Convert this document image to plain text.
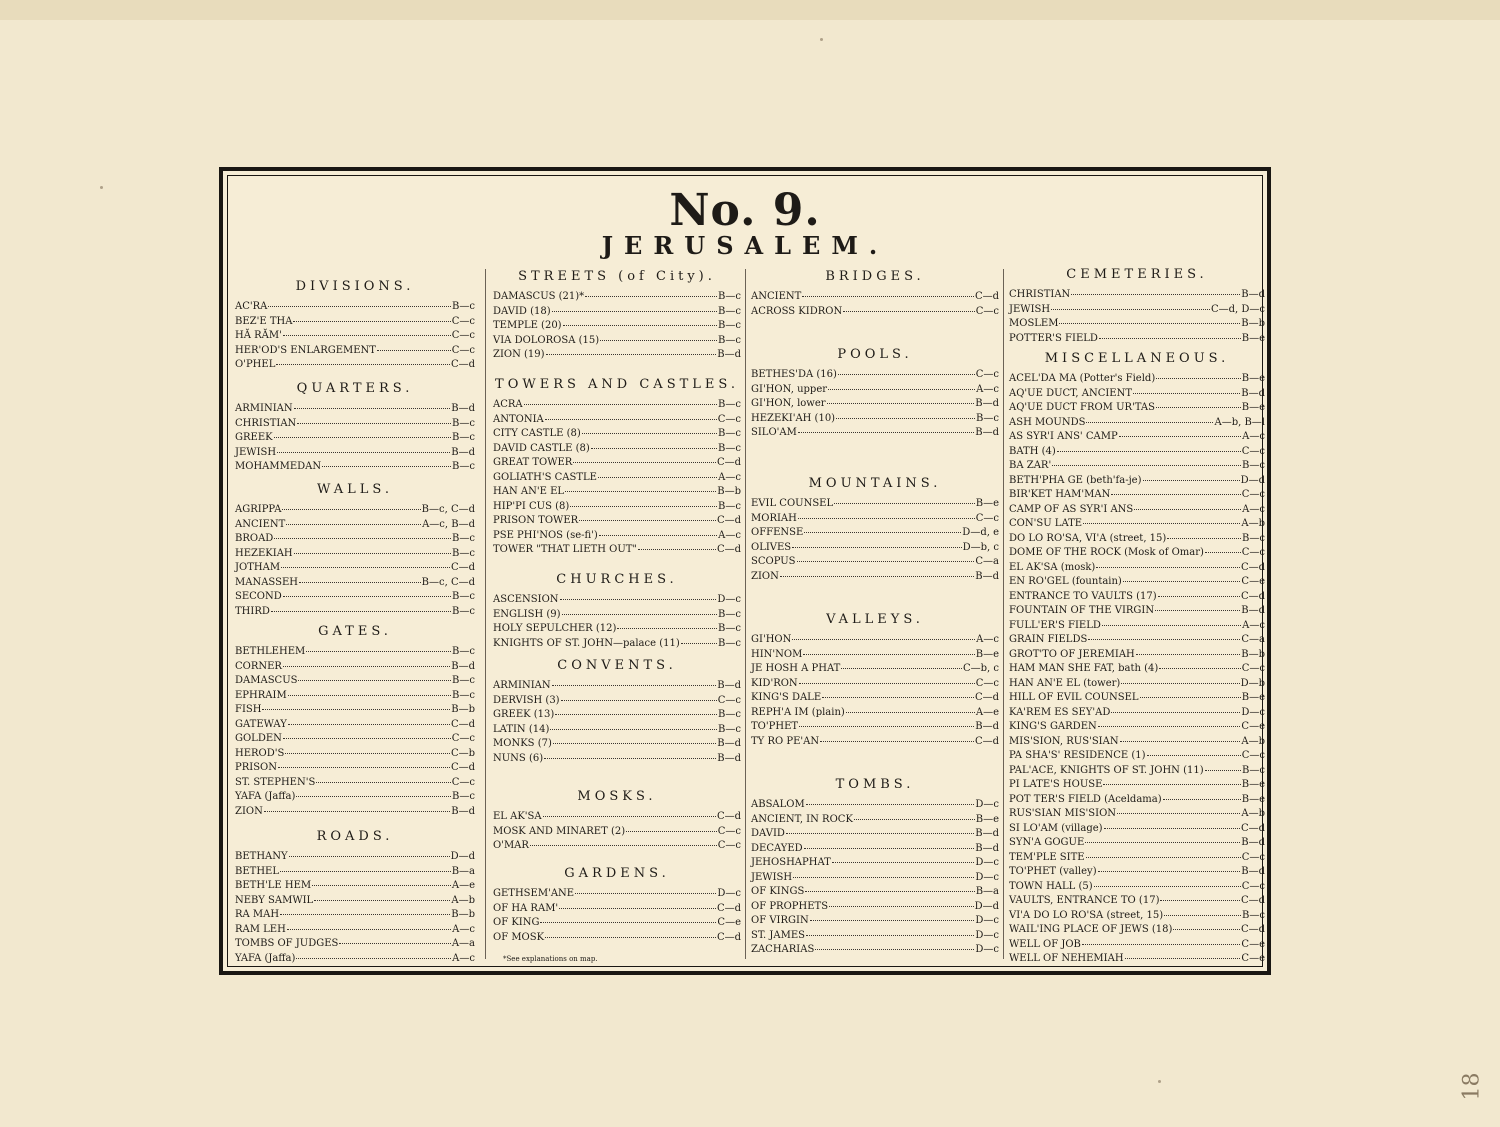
18
No. 9.
JERUSALEM.
DIVISIONS.
AC'RA	B—c
BEZ'E THA	C—c
HĂ RĂM'	C—c
HER'OD'S ENLARGEMENT	C—c
O'PHEL	C—d
QUARTERS.
ARMINIAN	B—d
CHRISTIAN	B—c
GREEK	B—c
JEWISH	B—d
MOHAMMEDAN	B—c
WALLS.
AGRIPPA	B—c, C—d
ANCIENT	A—c, B—d
BROAD	B—c
HEZEKIAH	B—c
JOTHAM	C—d
MANASSEH	B—c, C—d
SECOND	B—c
THIRD	B—c
GATES.
BETHLEHEM	B—c
CORNER	B—d
DAMASCUS	B—c
EPHRAIM	B—c
FISH	B—b
GATEWAY	C—d
GOLDEN	C—c
HEROD'S	C—b
PRISON	C—d
ST. STEPHEN'S	C—c
YAFA (Jaffa)	B—c
ZION	B—d
ROADS.
BETHANY	D—d
BETHEL	B—a
BETH'LE HEM	A—e
NEBY SAMWIL	A—b
RA MAH	B—b
RAM LEH	A—c
TOMBS OF JUDGES	A—a
YAFA (Jaffa)	A—c
STREETS (of City).
DAMASCUS (21)*	B—c
DAVID (18)	B—c
TEMPLE (20)	B—c
VIA DOLOROSA (15)	B—c
ZION (19)	B—d
TOWERS AND CASTLES.
ACRA	B—c
ANTONIA	C—c
CITY CASTLE (8)	B—c
DAVID CASTLE (8)	B—c
GREAT TOWER	C—d
GOLIATH'S CASTLE	A—c
HAN AN'E EL	B—b
HIP'PI CUS (8)	B—c
PRISON TOWER	C—d
PSE PHI'NOS (se-fi')	A—c
TOWER "THAT LIETH OUT"	C—d
CHURCHES.
ASCENSION	D—c
ENGLISH (9)	B—c
HOLY SEPULCHER (12)	B—c
KNIGHTS OF ST. JOHN—palace (11)	B—c
CONVENTS.
ARMINIAN	B—d
DERVISH (3)	C—c
GREEK (13)	B—c
LATIN (14)	B—c
MONKS (7)	B—d
NUNS (6)	B—d
MOSKS.
EL AK'SA	C—d
MOSK AND MINARET (2)	C—c
O'MAR	C—c
GARDENS.
GETHSEM'ANE	D—c
OF HA RAM'	C—d
OF KING	C—e
OF MOSK	C—d
BRIDGES.
ANCIENT	C—d
ACROSS KIDRON	C—c
POOLS.
BETHES'DA (16)	C—c
GI'HON, upper	A—c
GI'HON, lower	B—d
HEZEKI'AH (10)	B—c
SILO'AM	B—d
MOUNTAINS.
EVIL COUNSEL	B—e
MORIAH	C—c
OFFENSE	D—d, e
OLIVES	D—b, c
SCOPUS	C—a
ZION	B—d
VALLEYS.
GI'HON	A—c
HIN'NOM	B—e
JE HOSH A PHAT	C—b, c
KID'RON	C—c
KING'S DALE	C—d
REPH'A IM (plain)	A—e
TO'PHET	B—d
TY RO PE'AN	C—d
TOMBS.
ABSALOM	D—c
ANCIENT, IN ROCK	B—e
DAVID	B—d
DECAYED	B—d
JEHOSHAPHAT	D—c
JEWISH	D—c
OF KINGS	B—a
OF PROPHETS	D—d
OF VIRGIN	D—c
ST. JAMES	D—c
ZACHARIAS	D—c
CEMETERIES.
CHRISTIAN	B—d
JEWISH	C—d, D—c
MOSLEM	B—b
POTTER'S FIELD	B—e
MISCELLANEOUS.
ACEL'DA MA (Potter's Field)	B—e
AQ'UE DUCT, ANCIENT	B—d
AQ'UE DUCT FROM UR'TAS	B—e
ASH MOUNDS	A—b, B—l
AS SYR'I ANS' CAMP	A—c
BATH (4)	C—c
BA ZAR'	B—c
BETH'PHA GE (beth'fa-je)	D—d
BIR'KET HAM'MAN	C—c
CAMP OF AS SYR'I ANS	A—c
CON'SU LATE	A—b
DO LO RO'SA, VI'A (street, 15)	B—c
DOME OF THE ROCK (Mosk of Omar)	C—c
EL AK'SA (mosk)	C—d
EN RO'GEL (fountain)	C—e
ENTRANCE TO VAULTS (17)	C—d
FOUNTAIN OF THE VIRGIN	B—d
FULL'ER'S FIELD	A—c
GRAIN FIELDS	C—a
GROT'TO OF JEREMIAH	B—b
HAM MAN SHE FAT, bath (4)	C—c
HAN AN'E EL (tower)	D—b
HILL OF EVIL COUNSEL	B—e
KA'REM ES SEY'AD	D—c
KING'S GARDEN	C—e
MIS'SION, RUS'SIAN	A—b
PA SHA'S' RESIDENCE (1)	C—c
PAL'ACE, KNIGHTS OF ST. JOHN (11)	B—c
PI LATE'S HOUSE	B—e
POT TER'S FIELD (Aceldama)	B—e
RUS'SIAN MIS'SION	A—b
SI LO'AM (village)	C—d
SYN'A GOGUE	B—d
TEM'PLE SITE	C—c
TO'PHET (valley)	B—d
TOWN HALL (5)	C—c
VAULTS, ENTRANCE TO (17)	C—d
VI'A DO LO RO'SA (street, 15)	B—c
WAIL'ING PLACE OF JEWS (18)	C—d
WELL OF JOB	C—e
WELL OF NEHEMIAH	C—e
*See explanations on map.
